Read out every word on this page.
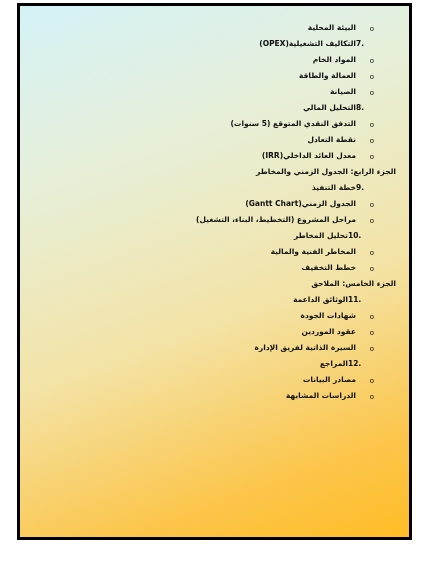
o البيئة المحلية
7.التكاليف التشغيلية(OPEX)
o المواد الخام
o العمالة والطاقة
o الصيانة
8.التحليل المالي
o التدفق النقدي المتوقع (5 سنوات)
o نقطة التعادل
o معدل العائد الداخلي(IRR)
الجزء الرابع: الجدول الزمني والمخاطر
9.خطة التنفيذ
o الجدول الزمني(Gantt Chart)
o مراحل المشروع (التخطيط، البناء، التشغيل)
10.تحليل المخاطر
o المخاطر الفنية والمالية
o خطط التخفيف
الجزء الخامس: الملاحق
11.الوثائق الداعمة
o شهادات الجودة
o عقود الموردين
o السيرة الذاتية لفريق الإدارة
12.المراجع
o مصادر البيانات
o الدراسات المشابهة
